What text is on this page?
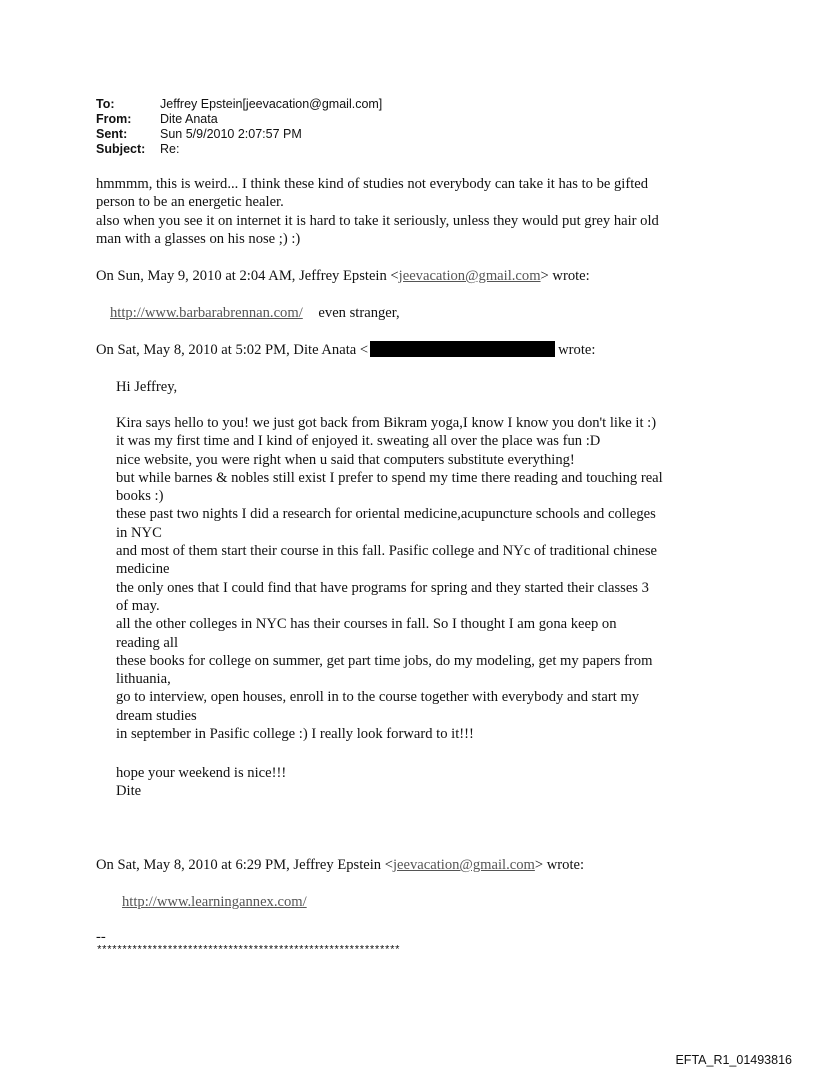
To:	Jeffrey Epstein[jeevacation@gmail.com]
From:	Dite Anata
Sent:	Sun 5/9/2010 2:07:57 PM
Subject:	Re:

hmmmm, this is weird... I think these kind of studies not everybody can take it has to be gifted

person to be an energetic healer.

also when you see it on internet it is hard to take it seriously, unless they would put grey hair old

man with a glasses on his nose ;) :)

On Sun, May 9, 2010 at 2:04 AM, Jeffrey Epstein <jeevacation@gmail.com> wrote:
http://www.barbarabrennan.com/ even stranger,
On Sat, May 8, 2010 at 5:02 PM, Dite Anata <	wrote:
Hi Jeffrey,

Kira says hello to you! we just got back from Bikram yoga,I know I know you don't like it :)

it was my first time and I kind of enjoyed it. sweating all over the place was fun :D

nice website, you were right when u said that computers substitute everything!

but while barnes & nobles still exist I prefer to spend my time there reading and touching real

books :)

these past two nights I did a research for oriental medicine,acupuncture schools and colleges

in NYC

and most of them start their course in this fall. Pasific college and NYc of traditional chinese

medicine

the only ones that I could find that have programs for spring and they started their classes 3

of may.

all the other colleges in NYC has their courses in fall. So I thought I am gona keep on

reading all

these books for college on summer, get part time jobs, do my modeling, get my papers from

lithuania,

go to interview, open houses, enroll in to the course together with everybody and start my

dream studies

in september in Pasific college :) I really look forward to it!!!

hope your weekend is nice!!!

Dite

On Sat, May 8, 2010 at 6:29 PM, Jeffrey Epstein <jeevacation@gmail.com> wrote:
http://www.learningannex.com/
--
************************************************************
EFTA_R1_01493816
